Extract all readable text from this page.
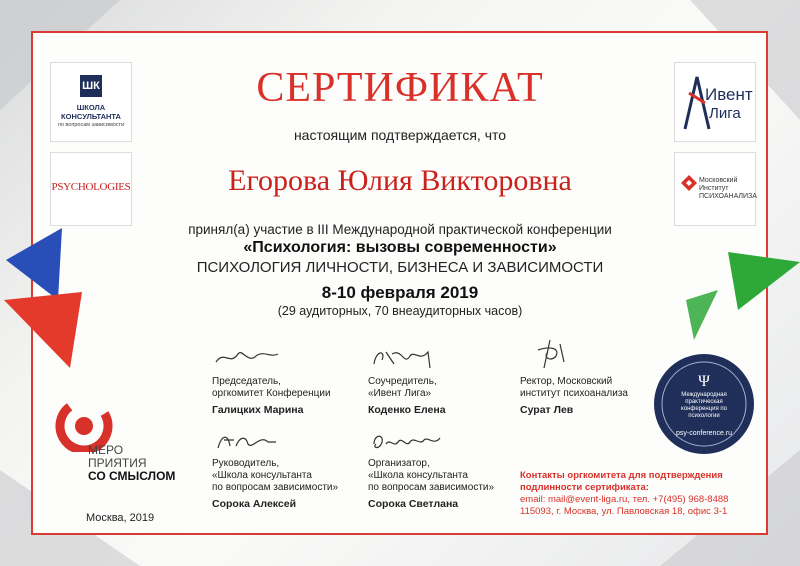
ШК
ШКОЛА КОНСУЛЬТАНТА
по вопросам зависимости
PSYCHOLOGIES
Ивент
Лига
Московский
Институт
ПСИХОАНАЛИЗА
СЕРТИФИКАТ
настоящим подтверждается, что
Егорова Юлия Викторовна
принял(а) участие в III Международной практической конференции
«Психология: вызовы современности»
ПСИХОЛОГИЯ ЛИЧНОСТИ, БИЗНЕСА И ЗАВИСИМОСТИ
8-10 февраля 2019
(29 аудиторных, 70 внеаудиторных часов)
Председатель,
оргкомитет Конференции
Галицких Марина
Соучредитель,
«Ивент Лига»
Коденко Елена
Ректор, Московский
институт психоанализа
Сурат Лев
Руководитель,
«Школа консультанта
по вопросам зависимости»
Сорока Алексей
Организатор,
«Школа консультанта
по вопросам зависимости»
Сорока Светлана
Ψ
Международная практическая конференция по психологии
psy-conference.ru
МЕРО
ПРИЯТИЯ
СО СМЫСЛОМ
Москва, 2019
Контакты оргкомитета для подтверждения
подлинности сертификата:
email: mail@event-liga.ru, тел. +7(495) 968-8488
115093, г. Москва, ул. Павловская 18, офис 3-1
